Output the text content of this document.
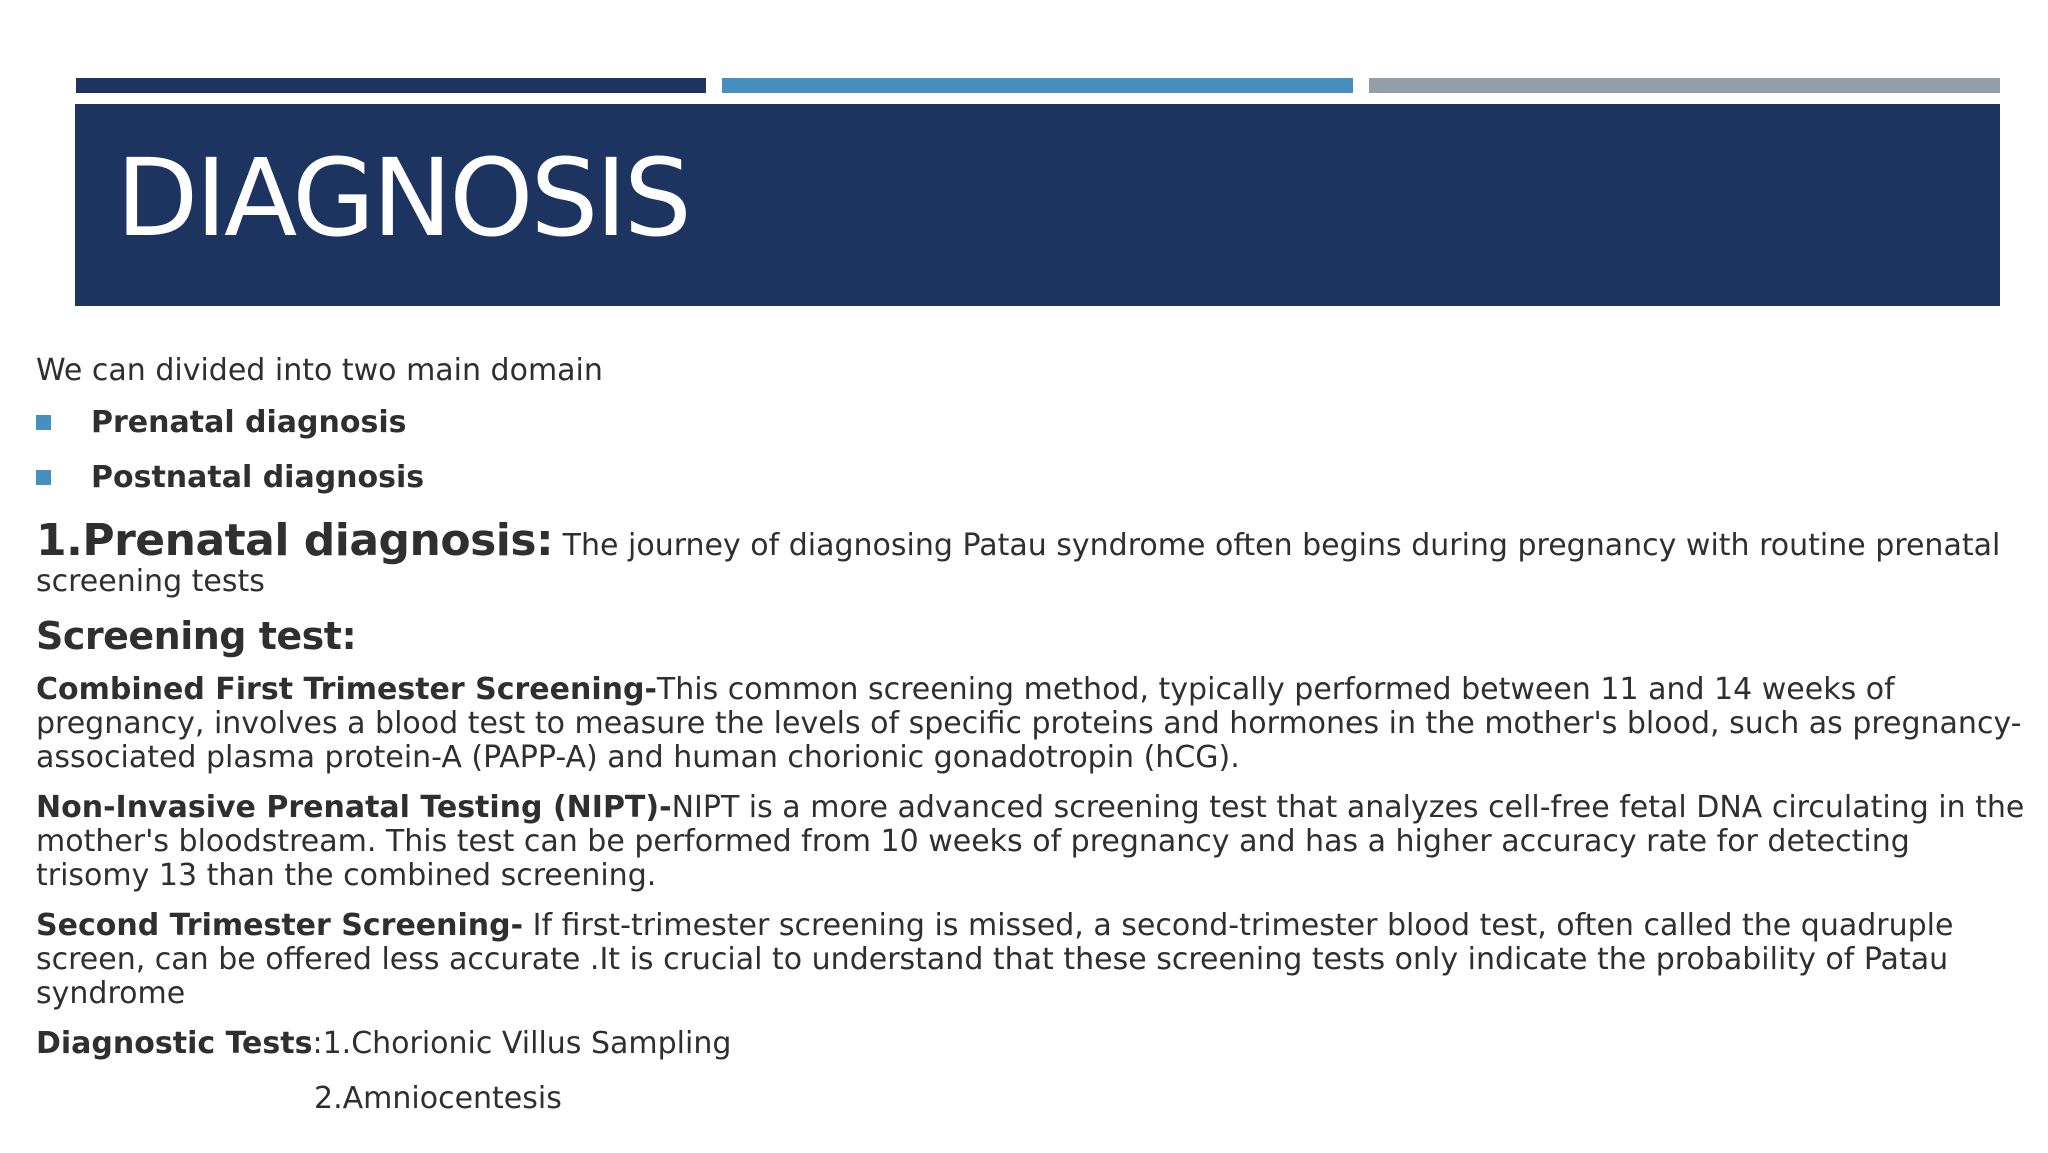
DIAGNOSIS

We can divided into two main domain

Prenatal diagnosis
Postnatal diagnosis
1.Prenatal diagnosis: The journey of diagnosing Patau syndrome often begins during pregnancy with routine prenatal
screening tests
Screening test:

Combined First Trimester Screening-This common screening method, typically performed between 11 and 14 weeks of pregnancy, involves a blood test to measure the levels of specific proteins and hormones in the mother's blood, such as pregnancy-associated plasma protein-A (PAPP-A) and human chorionic gonadotropin (hCG).

Non-Invasive Prenatal Testing (NIPT)-NIPT is a more advanced screening test that analyzes cell-free fetal DNA circulating in the mother's bloodstream. This test can be performed from 10 weeks of pregnancy and has a higher accuracy rate for detecting trisomy 13 than the combined screening.

Second Trimester Screening- If first-trimester screening is missed, a second-trimester blood test, often called the quadruple screen, can be offered less accurate .It is crucial to understand that these screening tests only indicate the probability of Patau syndrome

Diagnostic Tests:1.Chorionic Villus Sampling
2.Amniocentesis
